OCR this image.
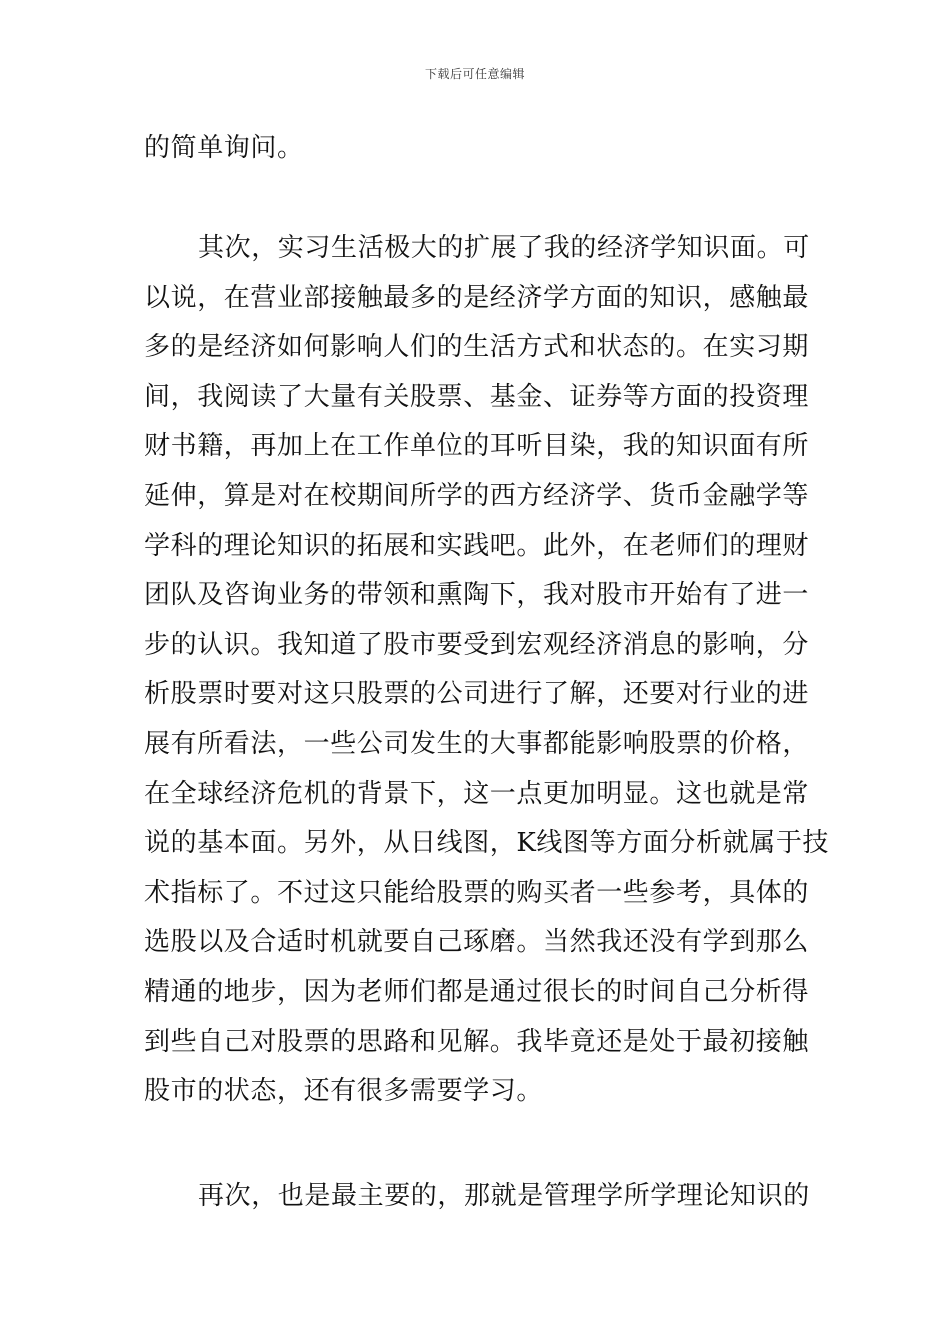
下载后可任意编辑
的简单询问。
其次，实习生活极大的扩展了我的经济学知识面。可
以说，在营业部接触最多的是经济学方面的知识，感触最
多的是经济如何影响人们的生活方式和状态的。在实习期
间，我阅读了大量有关股票、基金、证券等方面的投资理
财书籍，再加上在工作单位的耳听目染，我的知识面有所
延伸，算是对在校期间所学的西方经济学、货币金融学等
学科的理论知识的拓展和实践吧。此外，在老师们的理财
团队及咨询业务的带领和熏陶下，我对股市开始有了进一
步的认识。我知道了股市要受到宏观经济消息的影响，分
析股票时要对这只股票的公司进行了解，还要对行业的进
展有所看法，一些公司发生的大事都能影响股票的价格，
在全球经济危机的背景下，这一点更加明显。这也就是常
说的基本面。另外，从日线图，K线图等方面分析就属于技
术指标了。不过这只能给股票的购买者一些参考，具体的
选股以及合适时机就要自己琢磨。当然我还没有学到那么
精通的地步，因为老师们都是通过很长的时间自己分析得
到些自己对股票的思路和见解。我毕竟还是处于最初接触
股市的状态，还有很多需要学习。
再次，也是最主要的，那就是管理学所学理论知识的
